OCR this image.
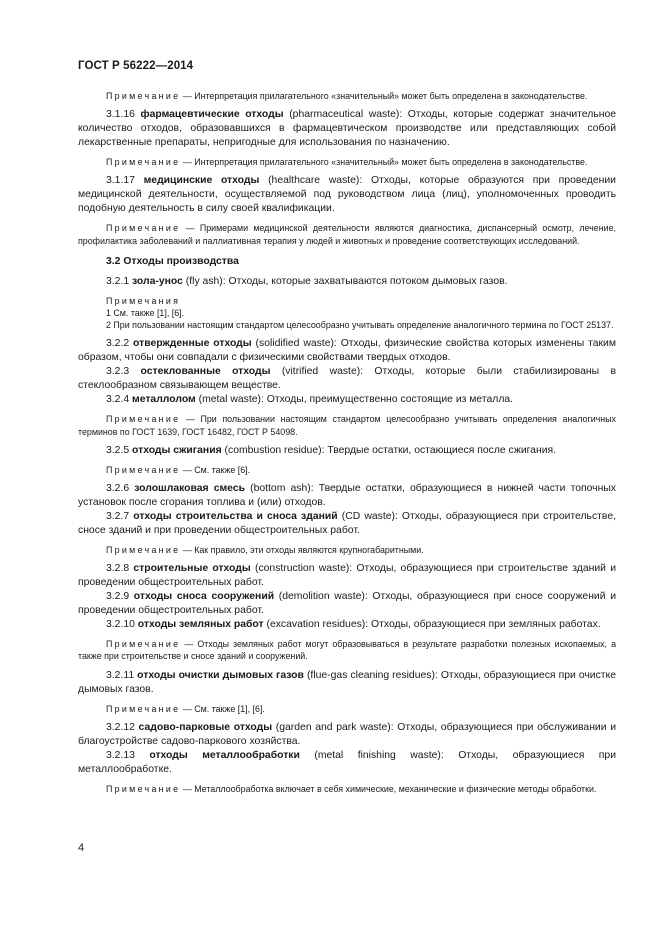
ГОСТ Р 56222—2014
Примечание — Интерпретация прилагательного «значительный» может быть определена в законодательстве.
3.1.16 фармацевтические отходы (pharmaceutical waste): Отходы, которые содержат значительное количество отходов, образовавшихся в фармацевтическом производстве или представляющих собой лекарственные препараты, непригодные для использования по назначению.
Примечание — Интерпретация прилагательного «значительный» может быть определена в законодательстве.
3.1.17 медицинские отходы (healthcare waste): Отходы, которые образуются при проведении медицинской деятельности, осуществляемой под руководством лица (лиц), уполномоченных проводить подобную деятельность в силу своей квалификации.
Примечание — Примерами медицинской деятельности являются диагностика, диспансерный осмотр, лечение, профилактика заболеваний и паллиативная терапия у людей и животных и проведение соответствующих исследований.
3.2 Отходы производства
3.2.1 зола-унос (fly ash): Отходы, которые захватываются потоком дымовых газов.
Примечания
1 См. также [1], [6].
2 При пользовании настоящим стандартом целесообразно учитывать определение аналогичного термина по ГОСТ 25137.
3.2.2 отвержденные отходы (solidified waste): Отходы, физические свойства которых изменены таким образом, чтобы они совпадали с физическими свойствами твердых отходов.
3.2.3 остеклованные отходы (vitrified waste): Отходы, которые были стабилизированы в стеклообразном связывающем веществе.
3.2.4 металлолом (metal waste): Отходы, преимущественно состоящие из металла.
Примечание — При пользовании настоящим стандартом целесообразно учитывать определения аналогичных терминов по ГОСТ 1639, ГОСТ 16482, ГОСТ Р 54098.
3.2.5 отходы сжигания (combustion residue): Твердые остатки, остающиеся после сжигания.
Примечание — См. также [6].
3.2.6 золошлаковая смесь (bottom ash): Твердые остатки, образующиеся в нижней части топочных установок после сгорания топлива и (или) отходов.
3.2.7 отходы строительства и сноса зданий (CD waste): Отходы, образующиеся при строительстве, сносе зданий и при проведении общестроительных работ.
Примечание — Как правило, эти отходы являются крупногабаритными.
3.2.8 строительные отходы (construction waste): Отходы, образующиеся при строительстве зданий и проведении общестроительных работ.
3.2.9 отходы сноса сооружений (demolition waste): Отходы, образующиеся при сносе сооружений и проведении общестроительных работ.
3.2.10 отходы земляных работ (excavation residues): Отходы, образующиеся при земляных работах.
Примечание — Отходы земляных работ могут образовываться в результате разработки полезных ископаемых, а также при строительстве и сносе зданий и сооружений.
3.2.11 отходы очистки дымовых газов (flue-gas cleaning residues): Отходы, образующиеся при очистке дымовых газов.
Примечание — См. также [1], [6].
3.2.12 садово-парковые отходы (garden and park waste): Отходы, образующиеся при обслуживании и благоустройстве садово-паркового хозяйства.
3.2.13 отходы металлообработки (metal finishing waste): Отходы, образующиеся при металлообработке.
Примечание — Металлообработка включает в себя химические, механические и физические методы обработки.
4
